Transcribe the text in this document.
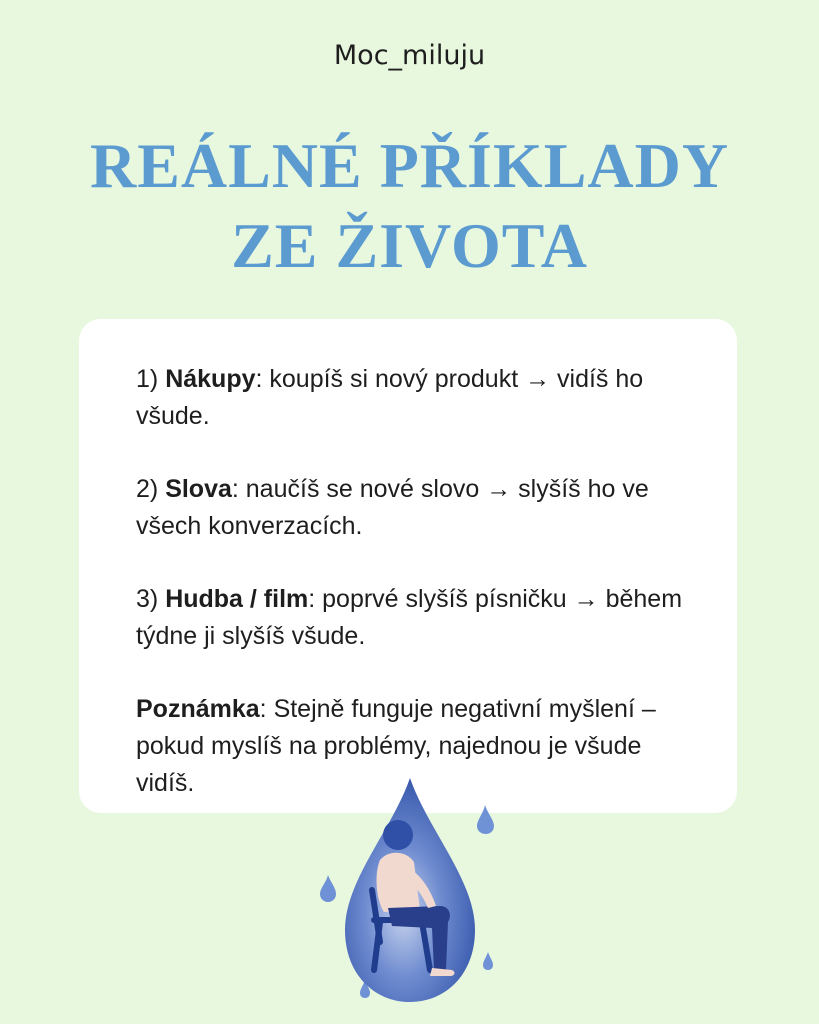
Moc_miluju
REÁLNÉ PŘÍKLADY
ZE ŽIVOTA

1) Nákupy: koupíš si nový produkt → vidíš ho všude.

2) Slova: naučíš se nové slovo → slyšíš ho ve všech konverzacích.

3) Hudba / film: poprvé slyšíš písničku → během týdne ji slyšíš všude.

Poznámka: Stejně funguje negativní myšlení – pokud myslíš na problémy, najednou je všude vidíš.
